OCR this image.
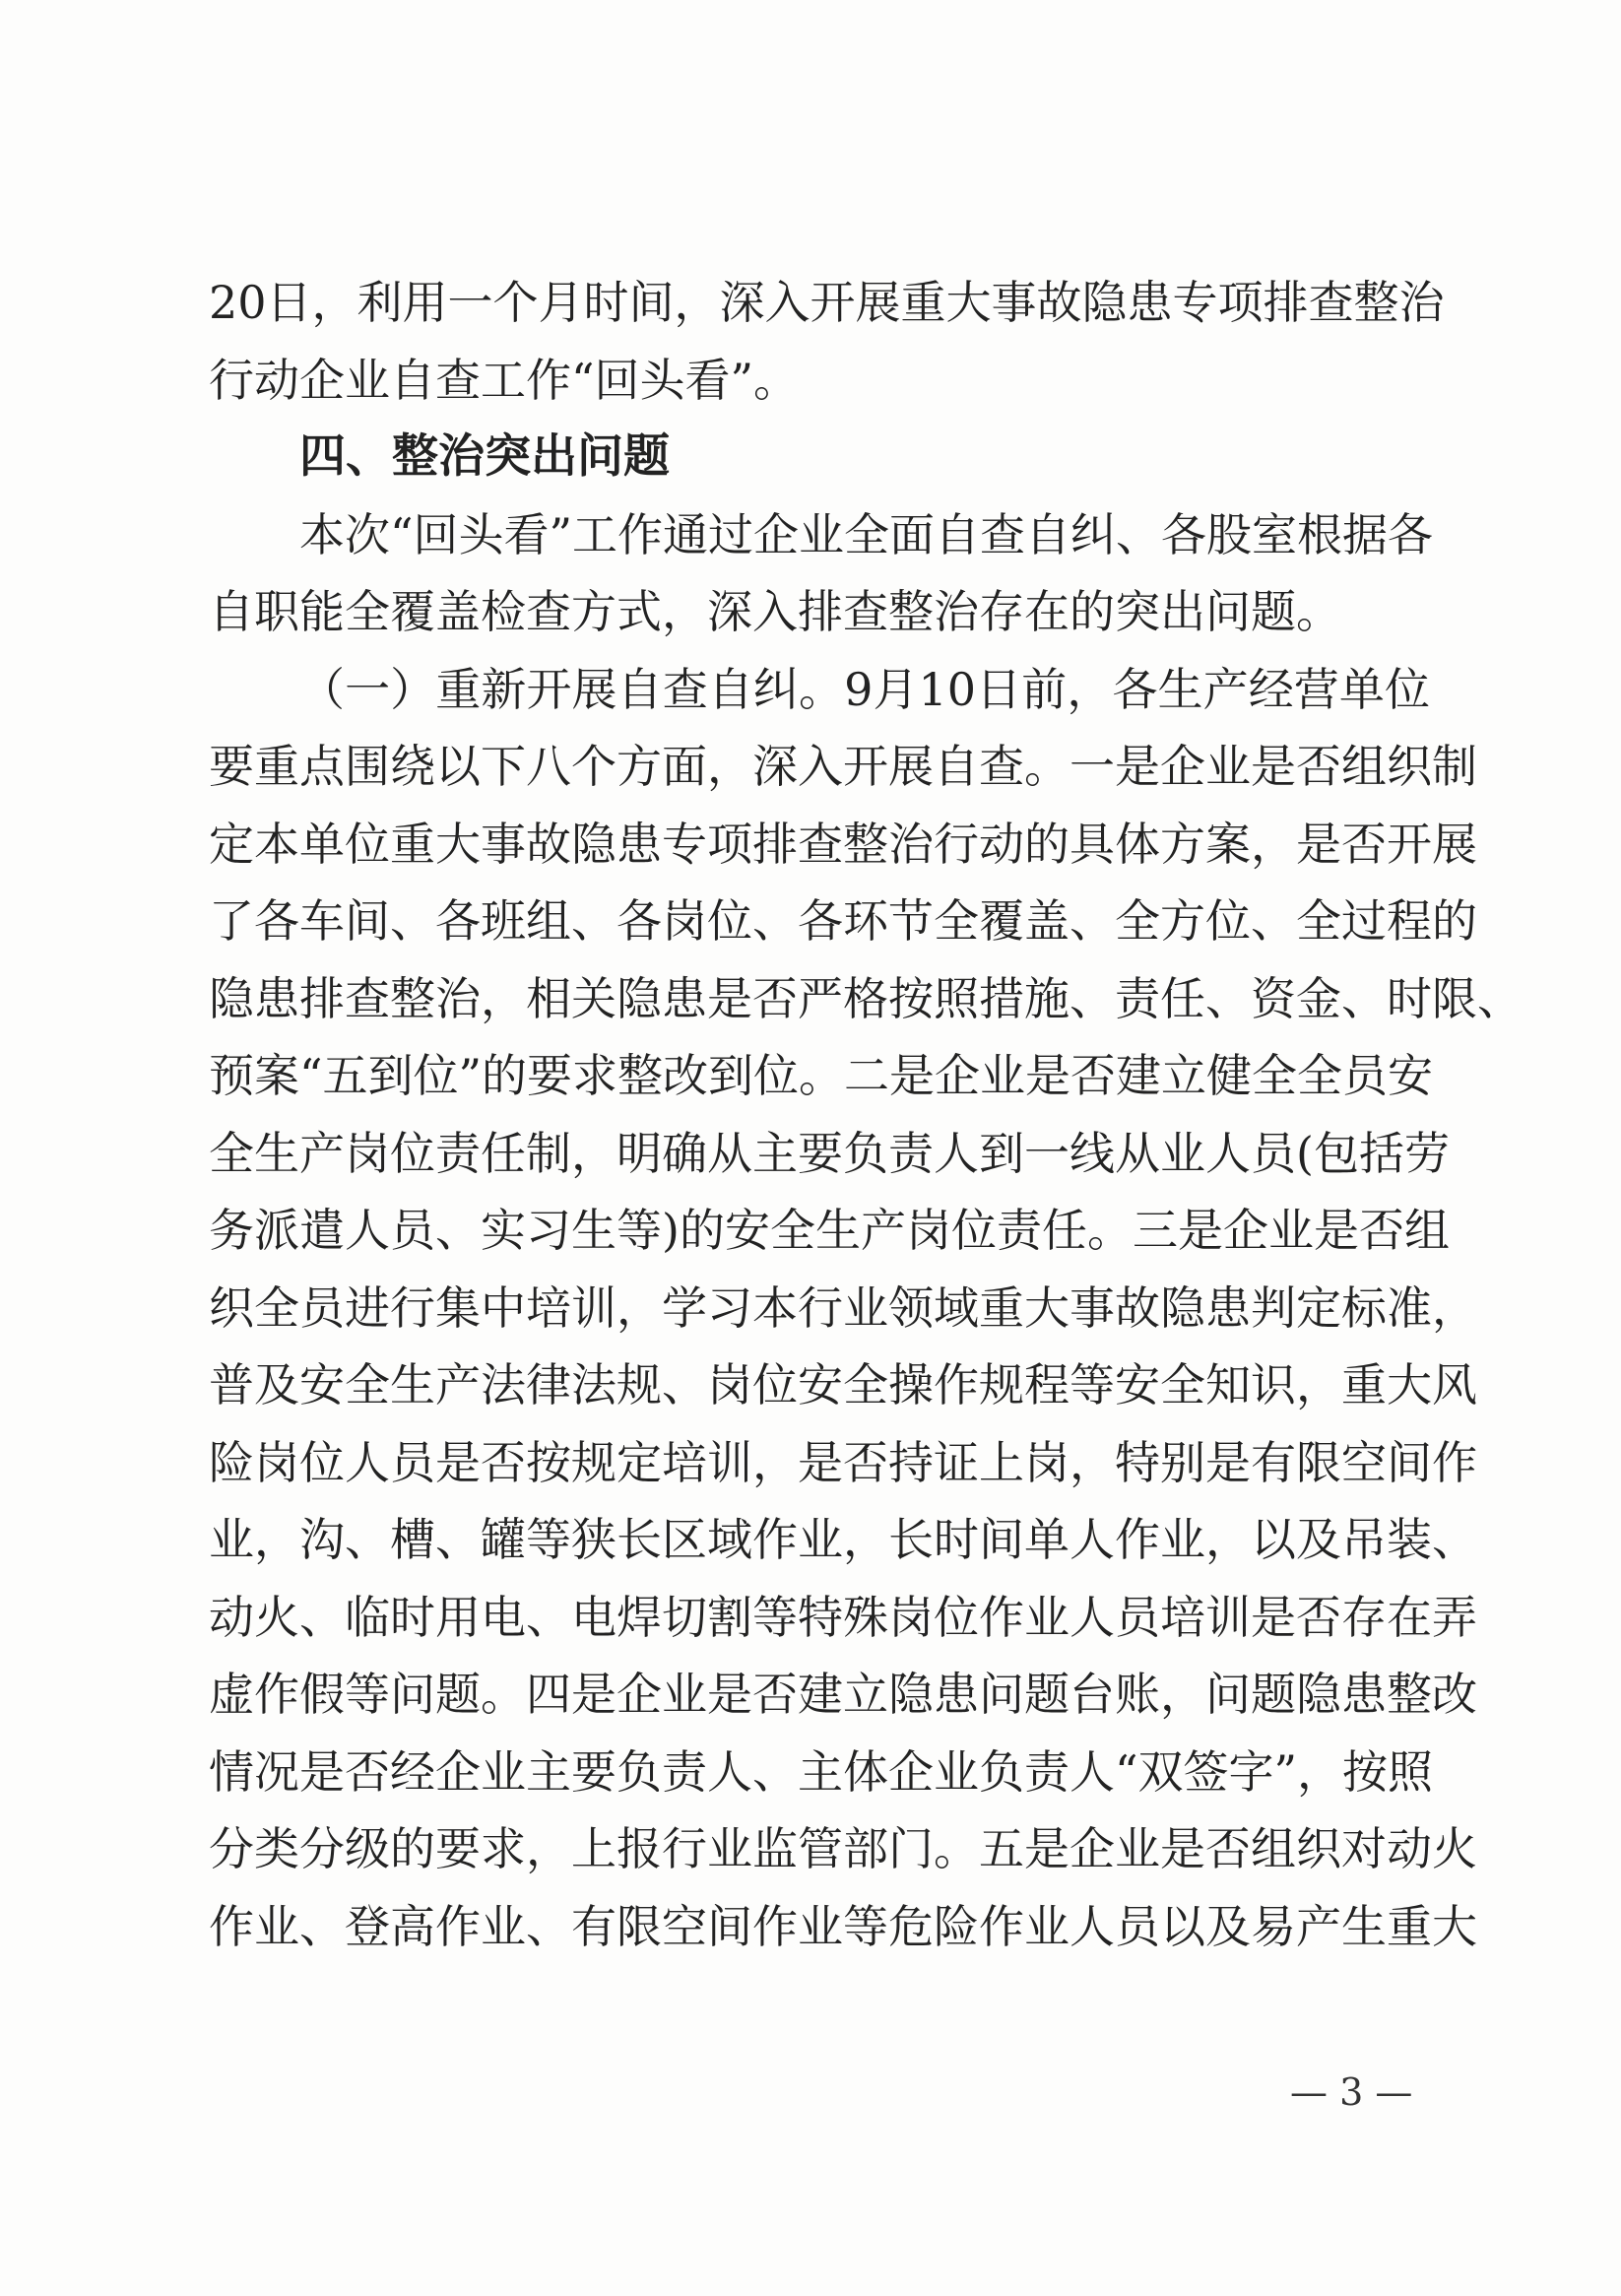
20日，利用一个月时间，深入开展重大事故隐患专项排查整治
行动企业自查工作“回头看”。
四、整治突出问题
本次“回头看”工作通过企业全面自查自纠、各股室根据各
自职能全覆盖检查方式，深入排查整治存在的突出问题。
（一）重新开展自查自纠。9月10日前，各生产经营单位
要重点围绕以下八个方面，深入开展自查。一是企业是否组织制
定本单位重大事故隐患专项排查整治行动的具体方案，是否开展
了各车间、各班组、各岗位、各环节全覆盖、全方位、全过程的
隐患排查整治，相关隐患是否严格按照措施、责任、资金、时限、
预案“五到位”的要求整改到位。二是企业是否建立健全全员安
全生产岗位责任制，明确从主要负责人到一线从业人员(包括劳
务派遣人员、实习生等)的安全生产岗位责任。三是企业是否组
织全员进行集中培训，学习本行业领域重大事故隐患判定标准，
普及安全生产法律法规、岗位安全操作规程等安全知识，重大风
险岗位人员是否按规定培训，是否持证上岗，特别是有限空间作
业，沟、槽、罐等狭长区域作业，长时间单人作业，以及吊装、
动火、临时用电、电焊切割等特殊岗位作业人员培训是否存在弄
虚作假等问题。四是企业是否建立隐患问题台账，问题隐患整改
情况是否经企业主要负责人、主体企业负责人“双签字”，按照
分类分级的要求，上报行业监管部门。五是企业是否组织对动火
作业、登高作业、有限空间作业等危险作业人员以及易产生重大
— 3 —
